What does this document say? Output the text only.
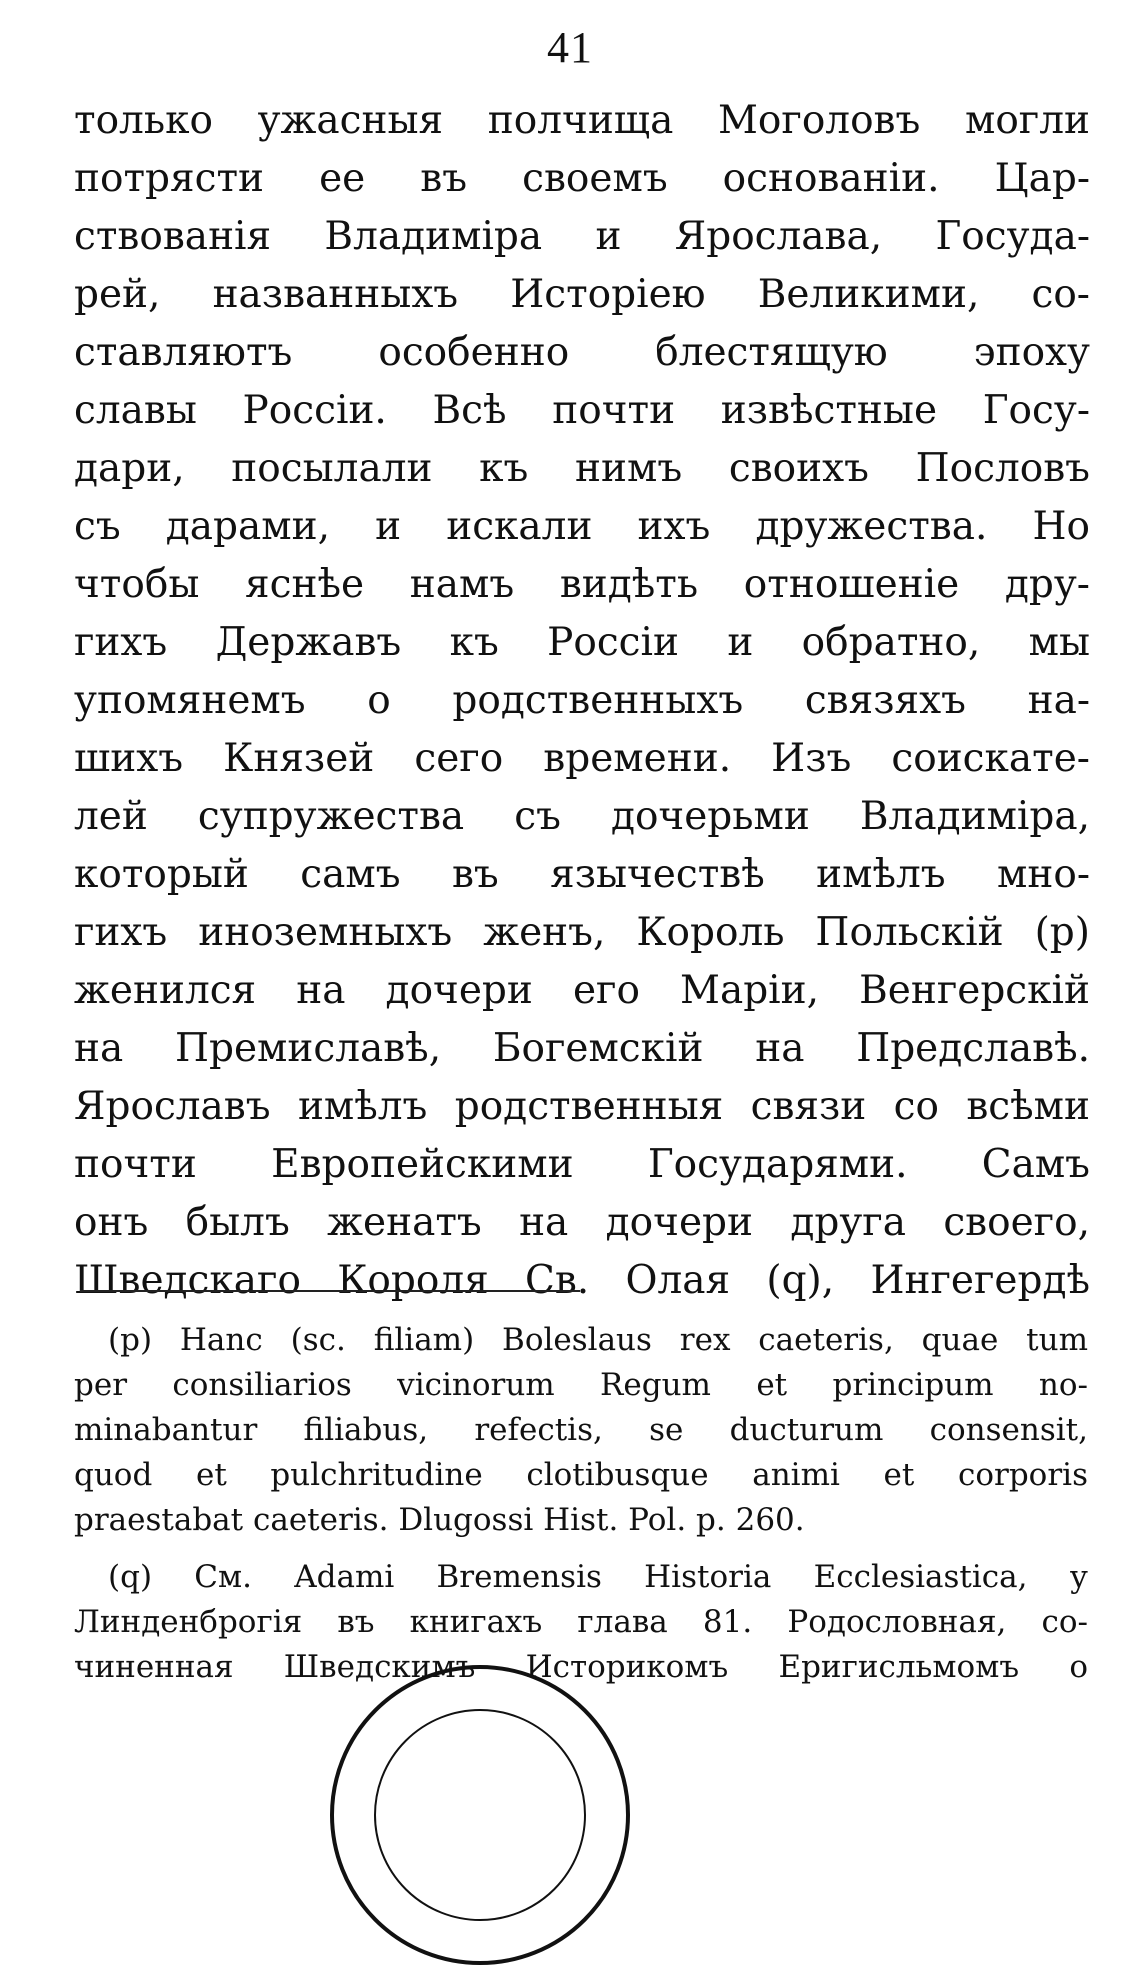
41
только ужасныя полчища Моголовъ могли
потрясти ее въ своемъ основаніи. Цар-
ствованія Владиміра и Ярослава, Госуда-
рей, названныхъ Исторіею Великими, со-
ставляютъ особенно блестящую эпоху
славы Россіи. Всѣ почти извѣстные Госу-
дари, посылали къ нимъ своихъ Пословъ
съ дарами, и искали ихъ дружества. Но
чтобы яснѣе намъ видѣть отношеніе дру-
гихъ Державъ къ Россіи и обратно, мы
упомянемъ о родственныхъ связяхъ на-
шихъ Князей сего времени. Изъ соискате-
лей супружества съ дочерьми Владиміра,
который самъ въ язычествѣ имѣлъ мно-
гихъ иноземныхъ женъ, Король Польскій (p)
женился на дочери его Маріи, Венгерскій
на Премиславѣ, Богемскій на Предславѣ.
Ярославъ имѣлъ родственныя связи со всѣми
почти Европейскими Государями. Самъ
онъ былъ женатъ на дочери друга своего,
Шведскаго Короля Св. Олая (q), Ингегердѣ
(p) Hanc (sc. filiam) Boleslaus rex caeteris, quae tum
per consiliarios vicinorum Regum et principum no-
minabantur filiabus, refectis, se ducturum consensit,
quod et pulchritudine clotibusque animi et corporis
praestabat caeteris. Dlugossi Hist. Pol. p. 260.
(q) См. Adami Bremensis Historia Ecclesiastica, у
Линденброгія въ книгахъ глава 81. Родословная, со-
чиненная Шведскимъ Историкомъ Еригисльмомъ о
